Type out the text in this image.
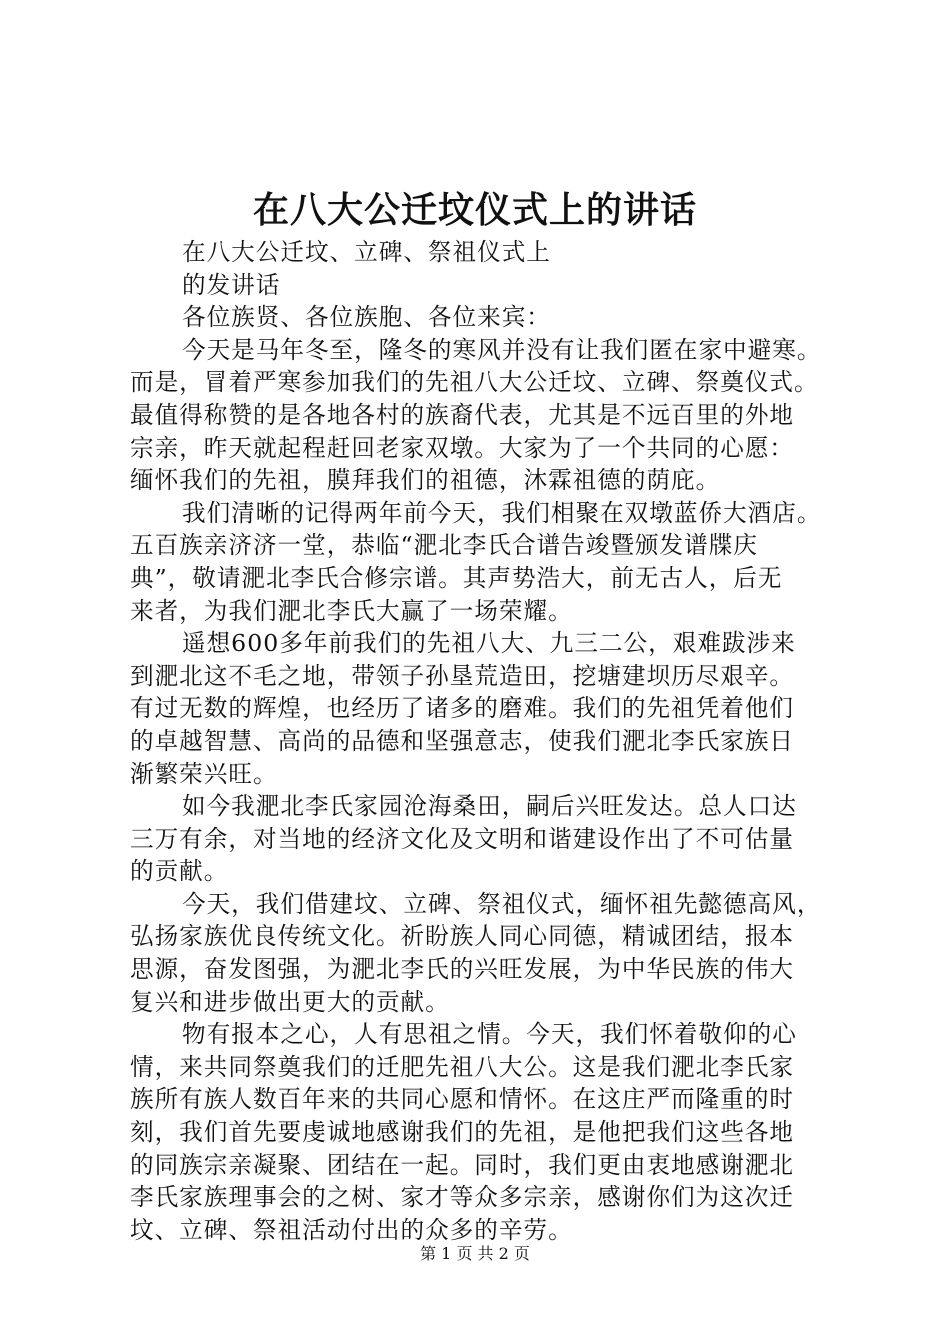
在八大公迁坟仪式上的讲话
在八大公迁坟、立碑、祭祖仪式上
的发讲话
各位族贤、各位族胞、各位来宾：
今天是马年冬至，隆冬的寒风并没有让我们匿在家中避寒。
而是，冒着严寒参加我们的先祖八大公迁坟、立碑、祭奠仪式。
最值得称赞的是各地各村的族裔代表，尤其是不远百里的外地
宗亲，昨天就起程赶回老家双墩。大家为了一个共同的心愿：
缅怀我们的先祖，膜拜我们的祖德，沐霖祖德的荫庇。
我们清晰的记得两年前今天，我们相聚在双墩蓝侨大酒店。
五百族亲济济一堂，恭临“淝北李氏合谱告竣暨颁发谱牒庆
典”，敬请淝北李氏合修宗谱。其声势浩大，前无古人，后无
来者，为我们淝北李氏大赢了一场荣耀。
遥想600多年前我们的先祖八大、九三二公，艰难跋涉来
到淝北这不毛之地，带领子孙垦荒造田，挖塘建坝历尽艰辛。
有过无数的辉煌，也经历了诸多的磨难。我们的先祖凭着他们
的卓越智慧、高尚的品德和坚强意志，使我们淝北李氏家族日
渐繁荣兴旺。
如今我淝北李氏家园沧海桑田，嗣后兴旺发达。总人口达
三万有余，对当地的经济文化及文明和谐建设作出了不可估量
的贡献。
今天，我们借建坟、立碑、祭祖仪式，缅怀祖先懿德高风，
弘扬家族优良传统文化。祈盼族人同心同德，精诚团结，报本
思源，奋发图强，为淝北李氏的兴旺发展，为中华民族的伟大
复兴和进步做出更大的贡献。
物有报本之心，人有思祖之情。今天，我们怀着敬仰的心
情，来共同祭奠我们的迁肥先祖八大公。这是我们淝北李氏家
族所有族人数百年来的共同心愿和情怀。在这庄严而隆重的时
刻，我们首先要虔诚地感谢我们的先祖，是他把我们这些各地
的同族宗亲凝聚、团结在一起。同时，我们更由衷地感谢淝北
李氏家族理事会的之树、家才等众多宗亲，感谢你们为这次迁
坟、立碑、祭祖活动付出的众多的辛劳。
第 1 页 共 2 页
